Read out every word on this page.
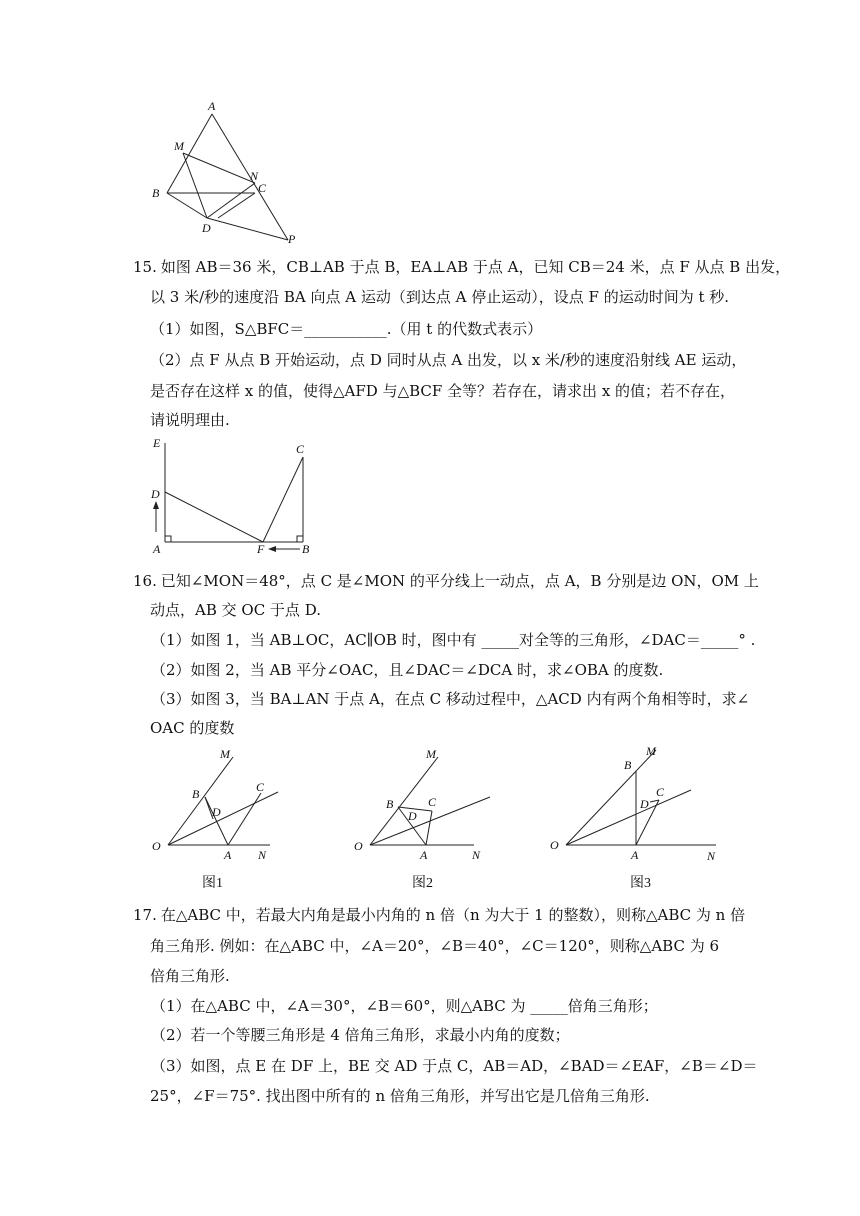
A
M
N
C
B
D
P
15. 如图 AB＝36 米，CB⊥AB 于点 B，EA⊥AB 于点 A，已知 CB＝24 米，点 F 从点 B 出发，
以 3 米/秒的速度沿 BA 向点 A 运动（到达点 A 停止运动），设点 F 的运动时间为 t 秒.
（1）如图，S△BFC＝___________.（用 t 的代数式表示）
（2）点 F 从点 B 开始运动，点 D 同时从点 A 出发，以 x 米/秒的速度沿射线 AE 运动，
是否存在这样 x 的值，使得△AFD 与△BCF 全等？若存在，请求出 x 的值；若不存在，
请说明理由.
E
D
A	F	B
C
16. 已知∠MON＝48°，点 C 是∠MON 的平分线上一动点，点 A，B 分别是边 ON，OM 上
动点，AB 交 OC 于点 D.
（1）如图 1，当 AB⊥OC，AC∥OB 时，图中有 _____对全等的三角形，∠DAC＝_____° .
（2）如图 2，当 AB 平分∠OAC，且∠DAC＝∠DCA 时，求∠OBA 的度数.
（3）如图 3，当 BA⊥AN 于点 A，在点 C 移动过程中，△ACD 内有两个角相等时，求∠
OAC 的度数
M
B	C
D
O
A N
图1
M
B	C
D
O
A	N
图2
M
B
C
D
O
A	N
图3
17. 在△ABC 中，若最大内角是最小内角的 n 倍（n 为大于 1 的整数），则称△ABC 为 n 倍
角三角形. 例如：在△ABC 中，∠A＝20°，∠B＝40°，∠C＝120°，则称△ABC 为 6
倍角三角形.
（1）在△ABC 中，∠A＝30°，∠B＝60°，则△ABC 为 _____倍角三角形；
（2）若一个等腰三角形是 4 倍角三角形，求最小内角的度数；
（3）如图，点 E 在 DF 上，BE 交 AD 于点 C，AB＝AD，∠BAD＝∠EAF，∠B＝∠D＝
25°，∠F＝75°. 找出图中所有的 n 倍角三角形，并写出它是几倍角三角形.
